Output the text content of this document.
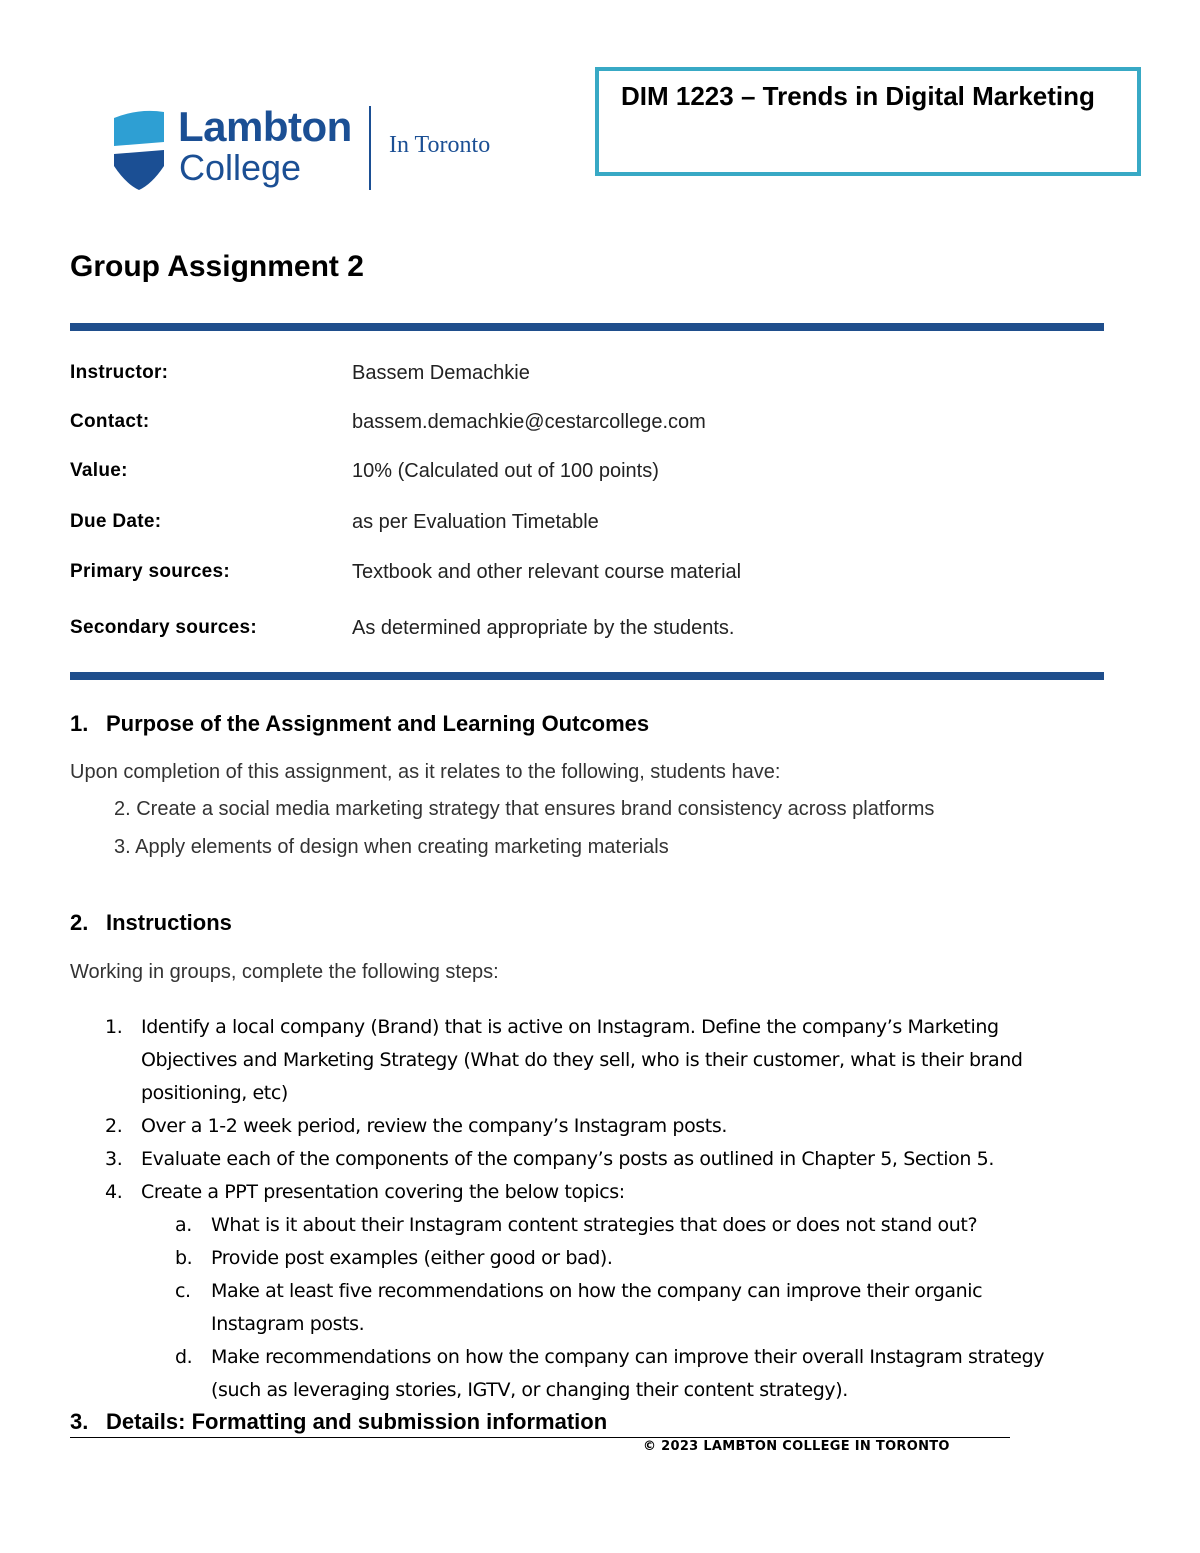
Lambton
College
In Toronto
DIM 1223 – Trends in Digital Marketing
Group Assignment 2
Instructor:	Bassem Demachkie
Contact:	bassem.demachkie@cestarcollege.com
Value:	10% (Calculated out of 100 points)
Due Date:	as per Evaluation Timetable
Primary sources:	Textbook and other relevant course material
Secondary sources:	As determined appropriate by the students.
1. Purpose of the Assignment and Learning Outcomes
Upon completion of this assignment, as it relates to the following, students have:
2. Create a social media marketing strategy that ensures brand consistency across platforms
3. Apply elements of design when creating marketing materials
2. Instructions
Working in groups, complete the following steps:
1. Identify a local company (Brand) that is active on Instagram. Define the company’s Marketing
Objectives and Marketing Strategy (What do they sell, who is their customer, what is their brand
positioning, etc)
2. Over a 1-2 week period, review the company’s Instagram posts.
3. Evaluate each of the components of the company’s posts as outlined in Chapter 5, Section 5.
4. Create a PPT presentation covering the below topics:
a. What is it about their Instagram content strategies that does or does not stand out?
b. Provide post examples (either good or bad).
c. Make at least five recommendations on how the company can improve their organic
Instagram posts.
d. Make recommendations on how the company can improve their overall Instagram strategy
(such as leveraging stories, IGTV, or changing their content strategy).
3. Details: Formatting and submission information
© 2023 LAMBTON COLLEGE IN TORONTO
